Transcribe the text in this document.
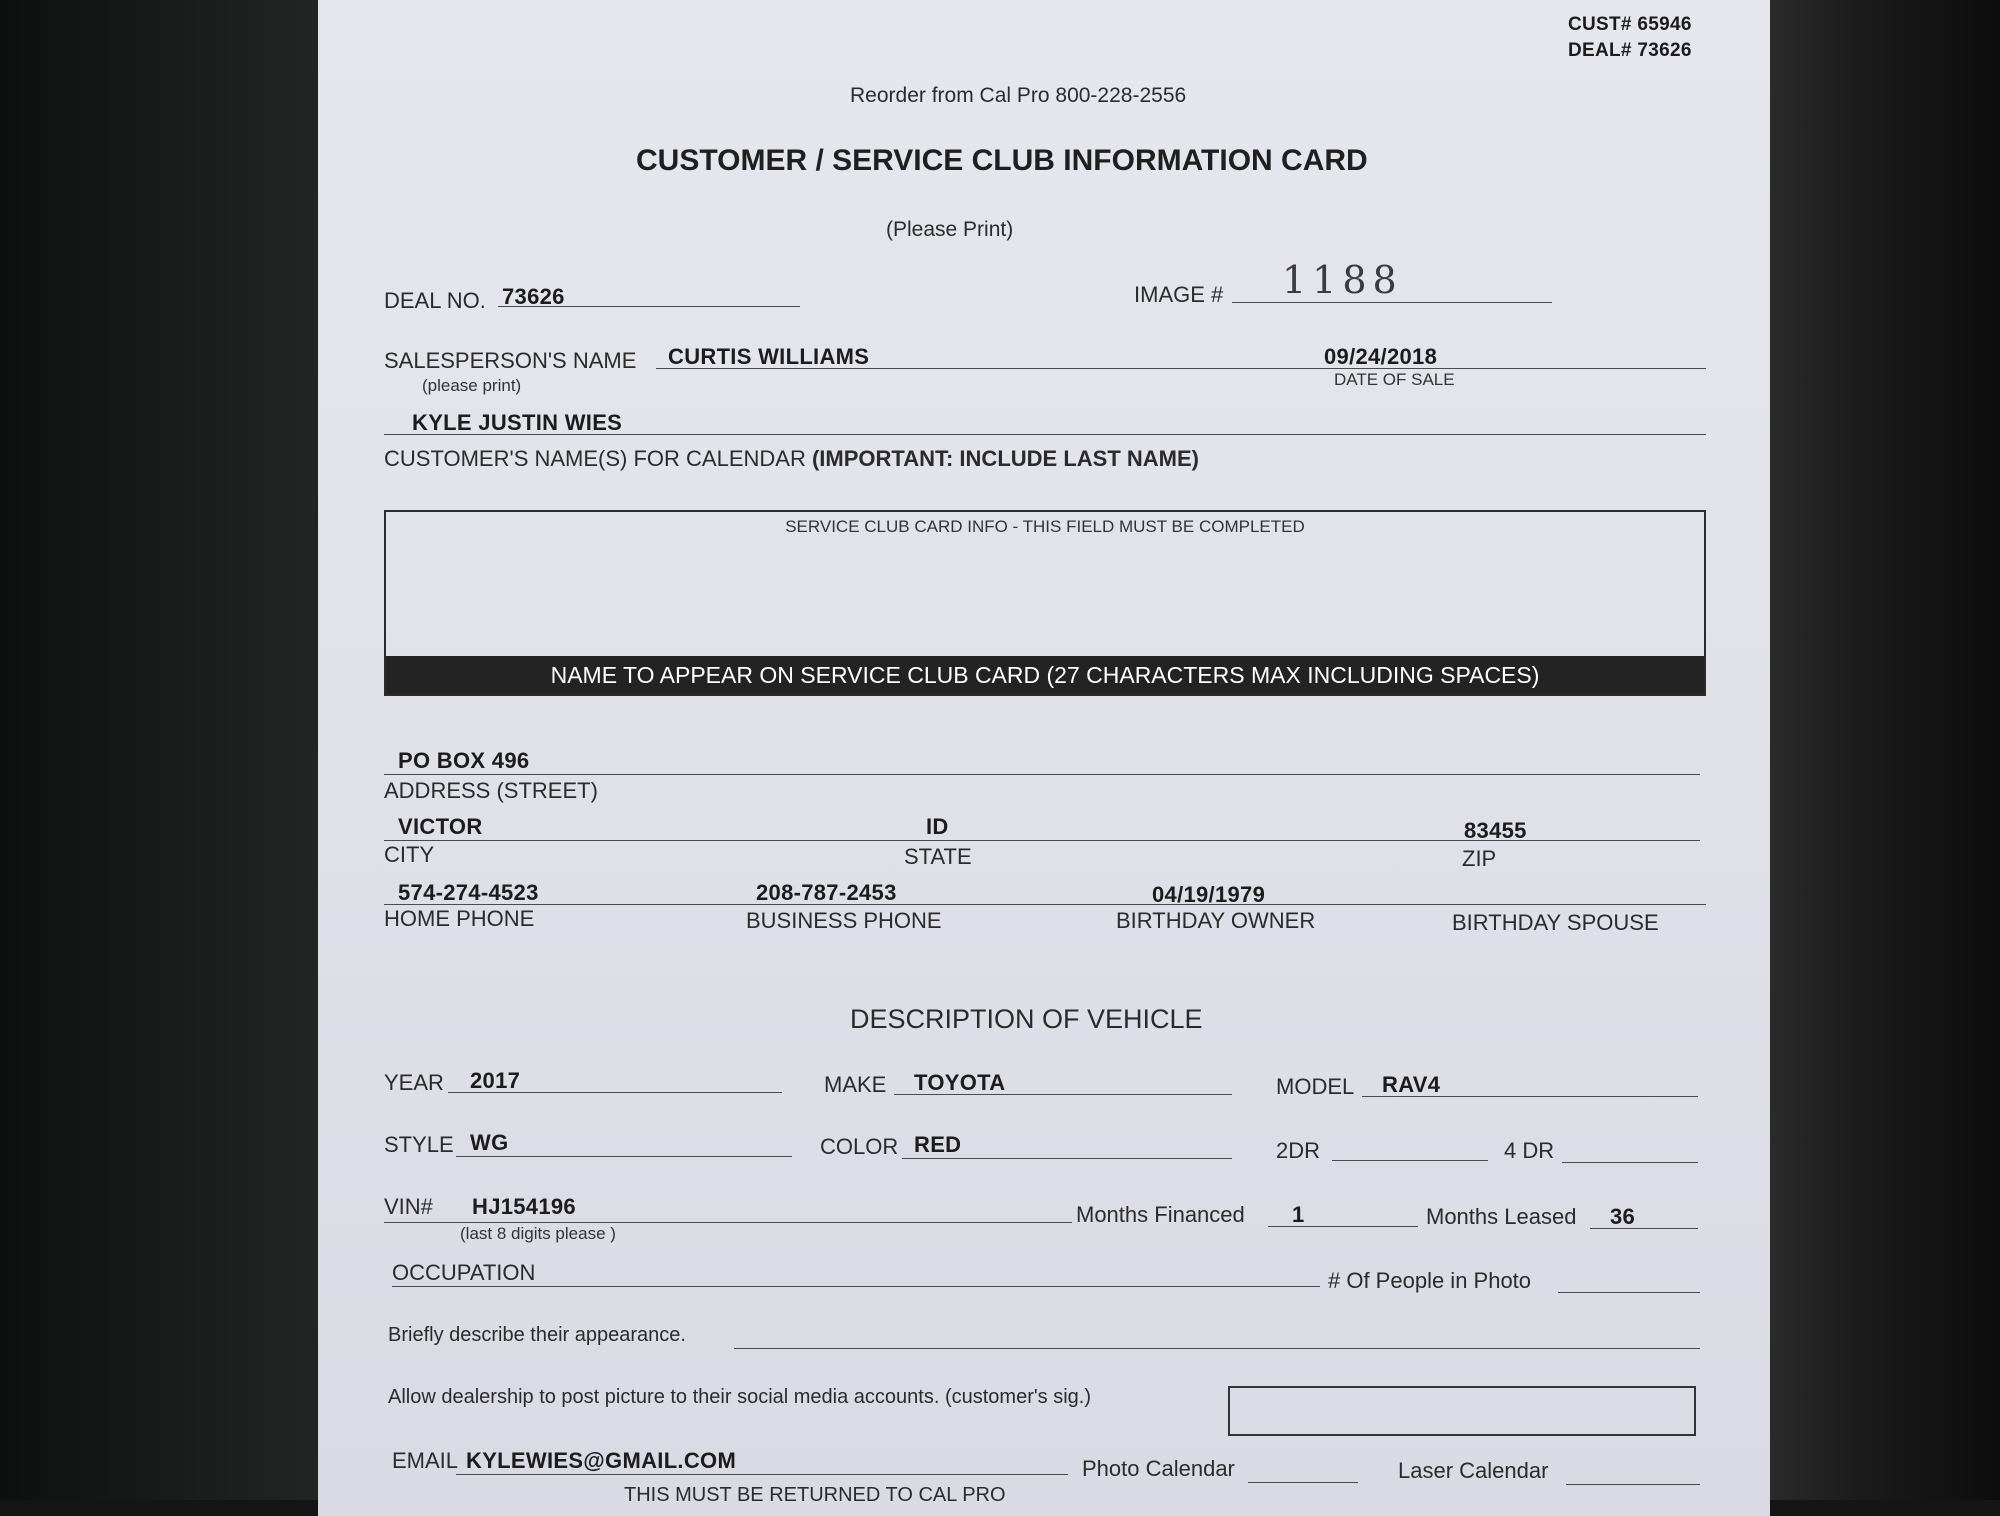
CUST# 65946
DEAL# 73626
Reorder from Cal Pro 800-228-2556
CUSTOMER / SERVICE CLUB INFORMATION CARD
(Please Print)
DEAL NO. 73626	IMAGE # 1188
SALESPERSON'S NAME
(please print)
CURTIS WILLIAMS	09/24/2018
DATE OF SALE
KYLE JUSTIN WIES
CUSTOMER'S NAME(S) FOR CALENDAR (IMPORTANT: INCLUDE LAST NAME)
SERVICE CLUB CARD INFO - THIS FIELD MUST BE COMPLETED
NAME TO APPEAR ON SERVICE CLUB CARD (27 CHARACTERS MAX INCLUDING SPACES)
PO BOX 496
ADDRESS (STREET)
VICTOR	ID	83455
CITY	STATE	ZIP
574-274-4523	208-787-2453	04/19/1979
HOME PHONE	BUSINESS PHONE	BIRTHDAY OWNER	BIRTHDAY SPOUSE
DESCRIPTION OF VEHICLE
YEAR 2017	MAKE TOYOTA	MODEL RAV4
STYLE WG	COLOR RED	2DR	4 DR
VIN# HJ154196
(last 8 digits please )
Months Financed 1	Months Leased 36
OCCUPATION	# Of People in Photo
Briefly describe their appearance.
Allow dealership to post picture to their social media accounts. (customer's sig.)
EMAIL KYLEWIES@GMAIL.COM	Photo Calendar	Laser Calendar
THIS MUST BE RETURNED TO CAL PRO
